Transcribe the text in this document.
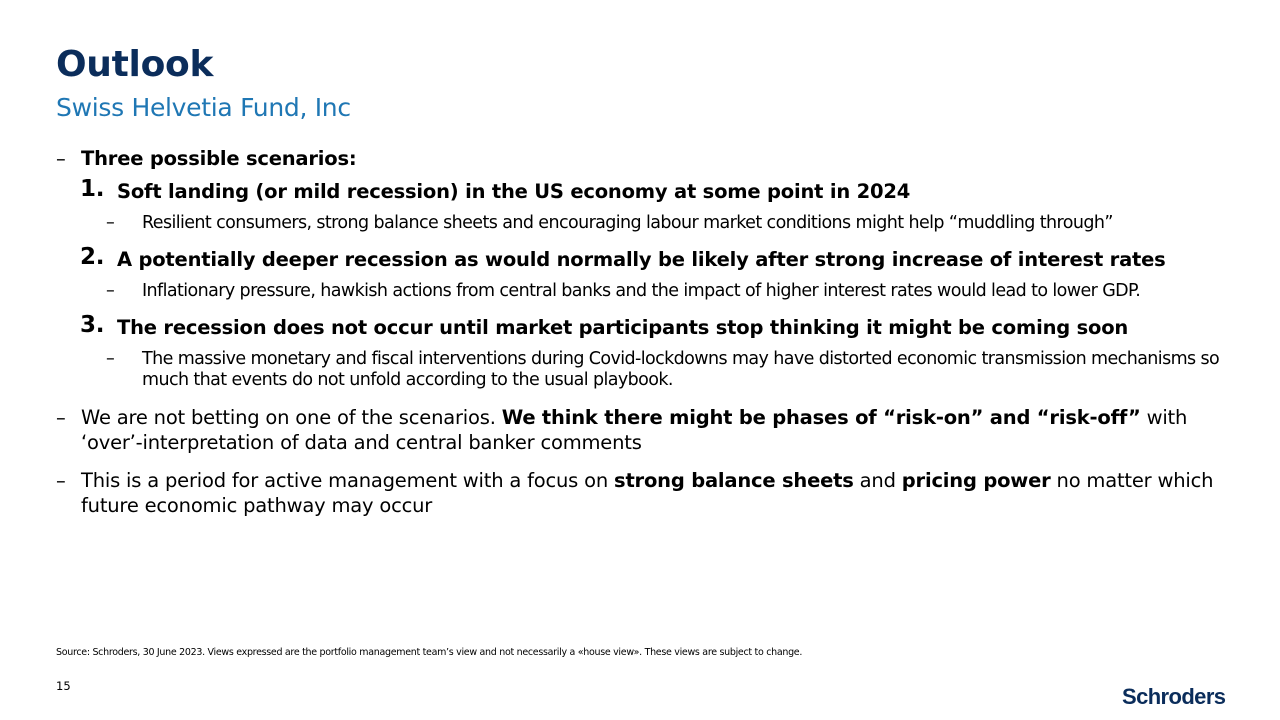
Outlook
Swiss Helvetia Fund, Inc
– Three possible scenarios:
1. Soft landing (or mild recession) in the US economy at some point in 2024
– Resilient consumers, strong balance sheets and encouraging labour market conditions might help “muddling through”
2. A potentially deeper recession as would normally be likely after strong increase of interest rates
– Inflationary pressure, hawkish actions from central banks and the impact of higher interest rates would lead to lower GDP.
3. The recession does not occur until market participants stop thinking it might be coming soon
– The massive monetary and fiscal interventions during Covid-lockdowns may have distorted economic transmission mechanisms so much that events do not unfold according to the usual playbook.
– We are not betting on one of the scenarios. We think there might be phases of “risk-on” and “risk-off” with ‘over’-interpretation of data and central banker comments
– This is a period for active management with a focus on strong balance sheets and pricing power no matter which future economic pathway may occur
Source: Schroders, 30 June 2023. Views expressed are the portfolio management team’s view and not necessarily a «house view». These views are subject to change.
15	Schroders
